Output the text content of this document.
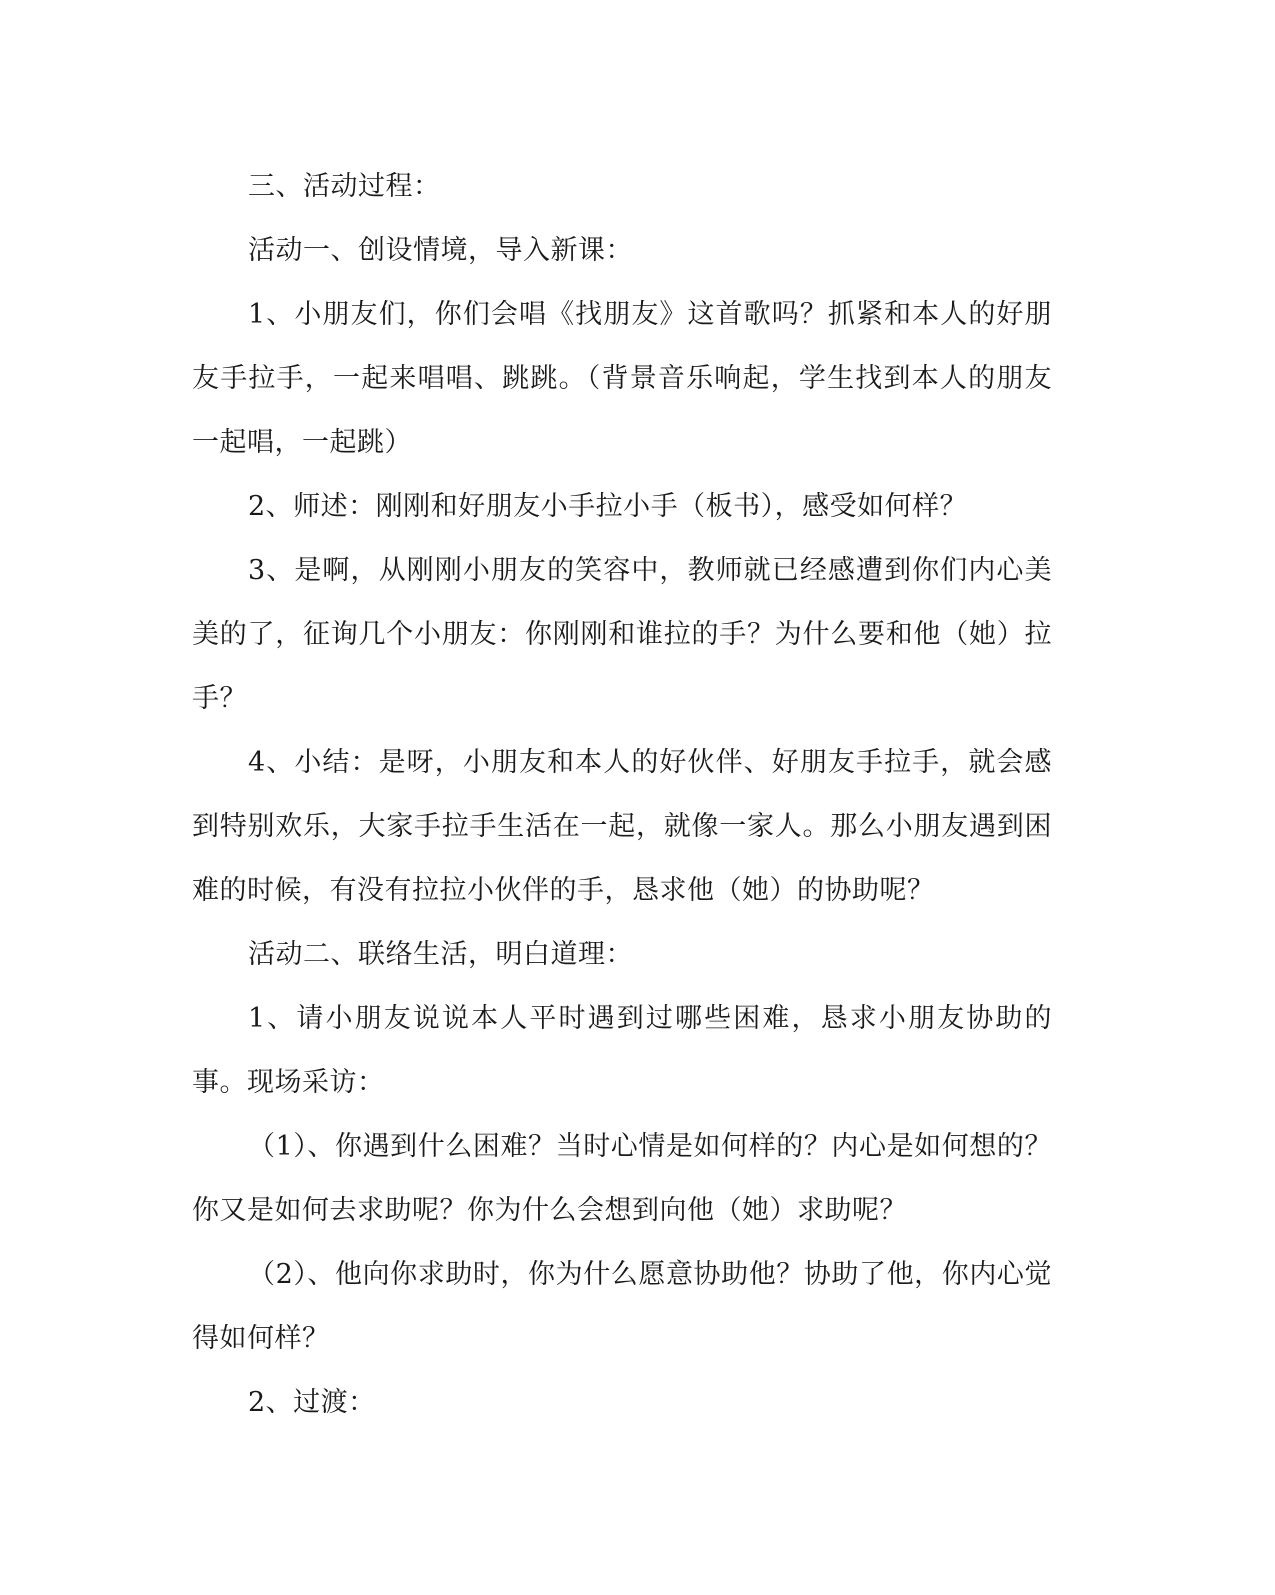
三、活动过程：

活动一、创设情境，导入新课：

1、小朋友们，你们会唱《找朋友》这首歌吗？抓紧和本人的好朋友手拉手，一起来唱唱、跳跳。（背景音乐响起，学生找到本人的朋友一起唱，一起跳）

2、师述：刚刚和好朋友小手拉小手（板书），感受如何样？

3、是啊，从刚刚小朋友的笑容中，教师就已经感遭到你们内心美美的了，征询几个小朋友：你刚刚和谁拉的手？为什么要和他（她）拉手？

4、小结：是呀，小朋友和本人的好伙伴、好朋友手拉手，就会感到特别欢乐，大家手拉手生活在一起，就像一家人。那么小朋友遇到困难的时候，有没有拉拉小伙伴的手，恳求他（她）的协助呢？

活动二、联络生活，明白道理：

1、请小朋友说说本人平时遇到过哪些困难，恳求小朋友协助的事。现场采访：

（1）、你遇到什么困难？当时心情是如何样的？内心是如何想的？你又是如何去求助呢？你为什么会想到向他（她）求助呢？

（2）、他向你求助时，你为什么愿意协助他？协助了他，你内心觉得如何样？

2、过渡：
